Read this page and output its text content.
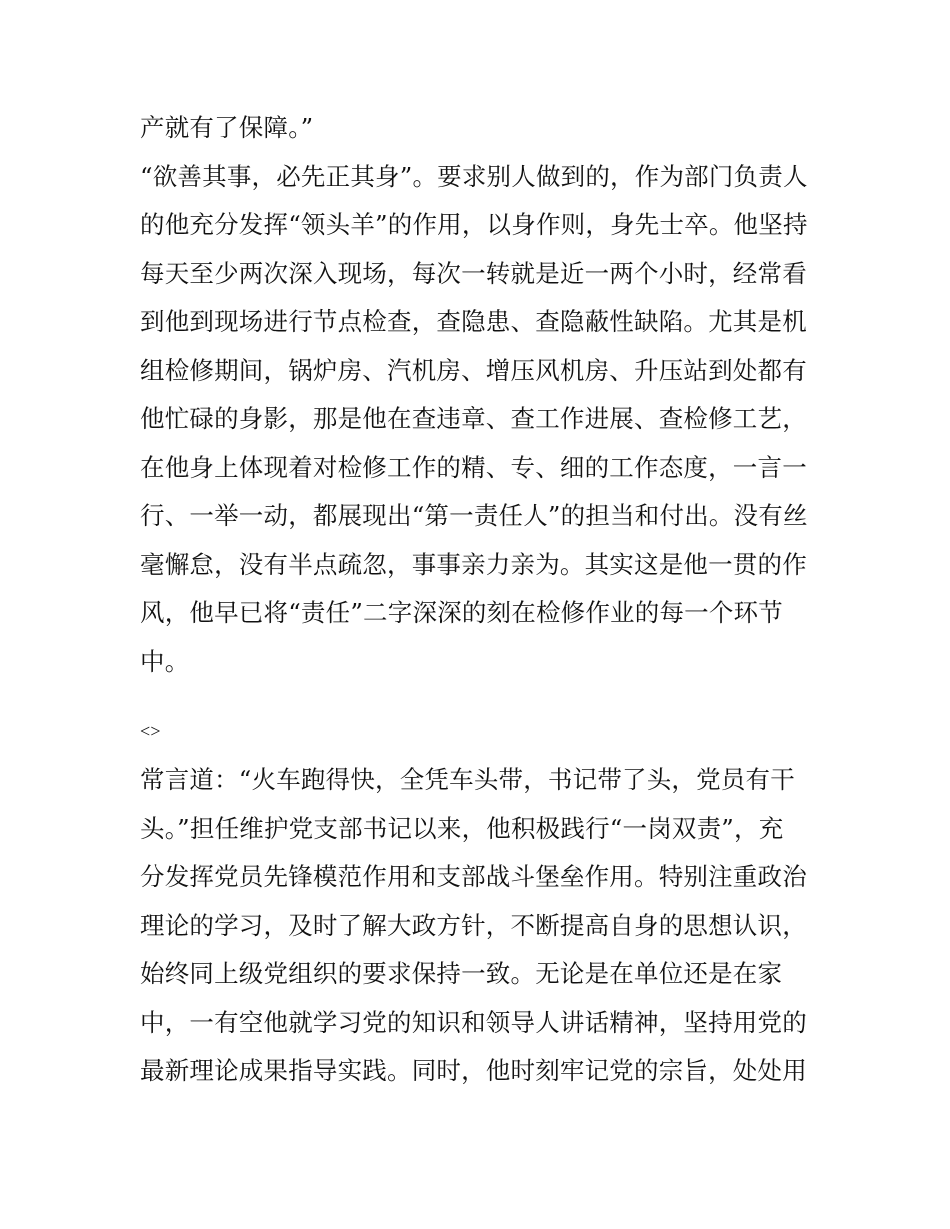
产就有了保障。”
“欲善其事，必先正其身”。要求别人做到的，作为部门负责人
的他充分发挥“领头羊”的作用，以身作则，身先士卒。他坚持
每天至少两次深入现场，每次一转就是近一两个小时，经常看
到他到现场进行节点检查，查隐患、查隐蔽性缺陷。尤其是机
组检修期间，锅炉房、汽机房、增压风机房、升压站到处都有
他忙碌的身影，那是他在查违章、查工作进展、查检修工艺，
在他身上体现着对检修工作的精、专、细的工作态度，一言一
行、一举一动，都展现出“第一责任人”的担当和付出。没有丝
毫懈怠，没有半点疏忽，事事亲力亲为。其实这是他一贯的作
风，他早已将“责任”二字深深的刻在检修作业的每一个环节
中。
<>
常言道：“火车跑得快，全凭车头带，书记带了头，党员有干
头。”担任维护党支部书记以来，他积极践行“一岗双责”，充
分发挥党员先锋模范作用和支部战斗堡垒作用。特别注重政治
理论的学习，及时了解大政方针，不断提高自身的思想认识，
始终同上级党组织的要求保持一致。无论是在单位还是在家
中，一有空他就学习党的知识和领导人讲话精神，坚持用党的
最新理论成果指导实践。同时，他时刻牢记党的宗旨，处处用
